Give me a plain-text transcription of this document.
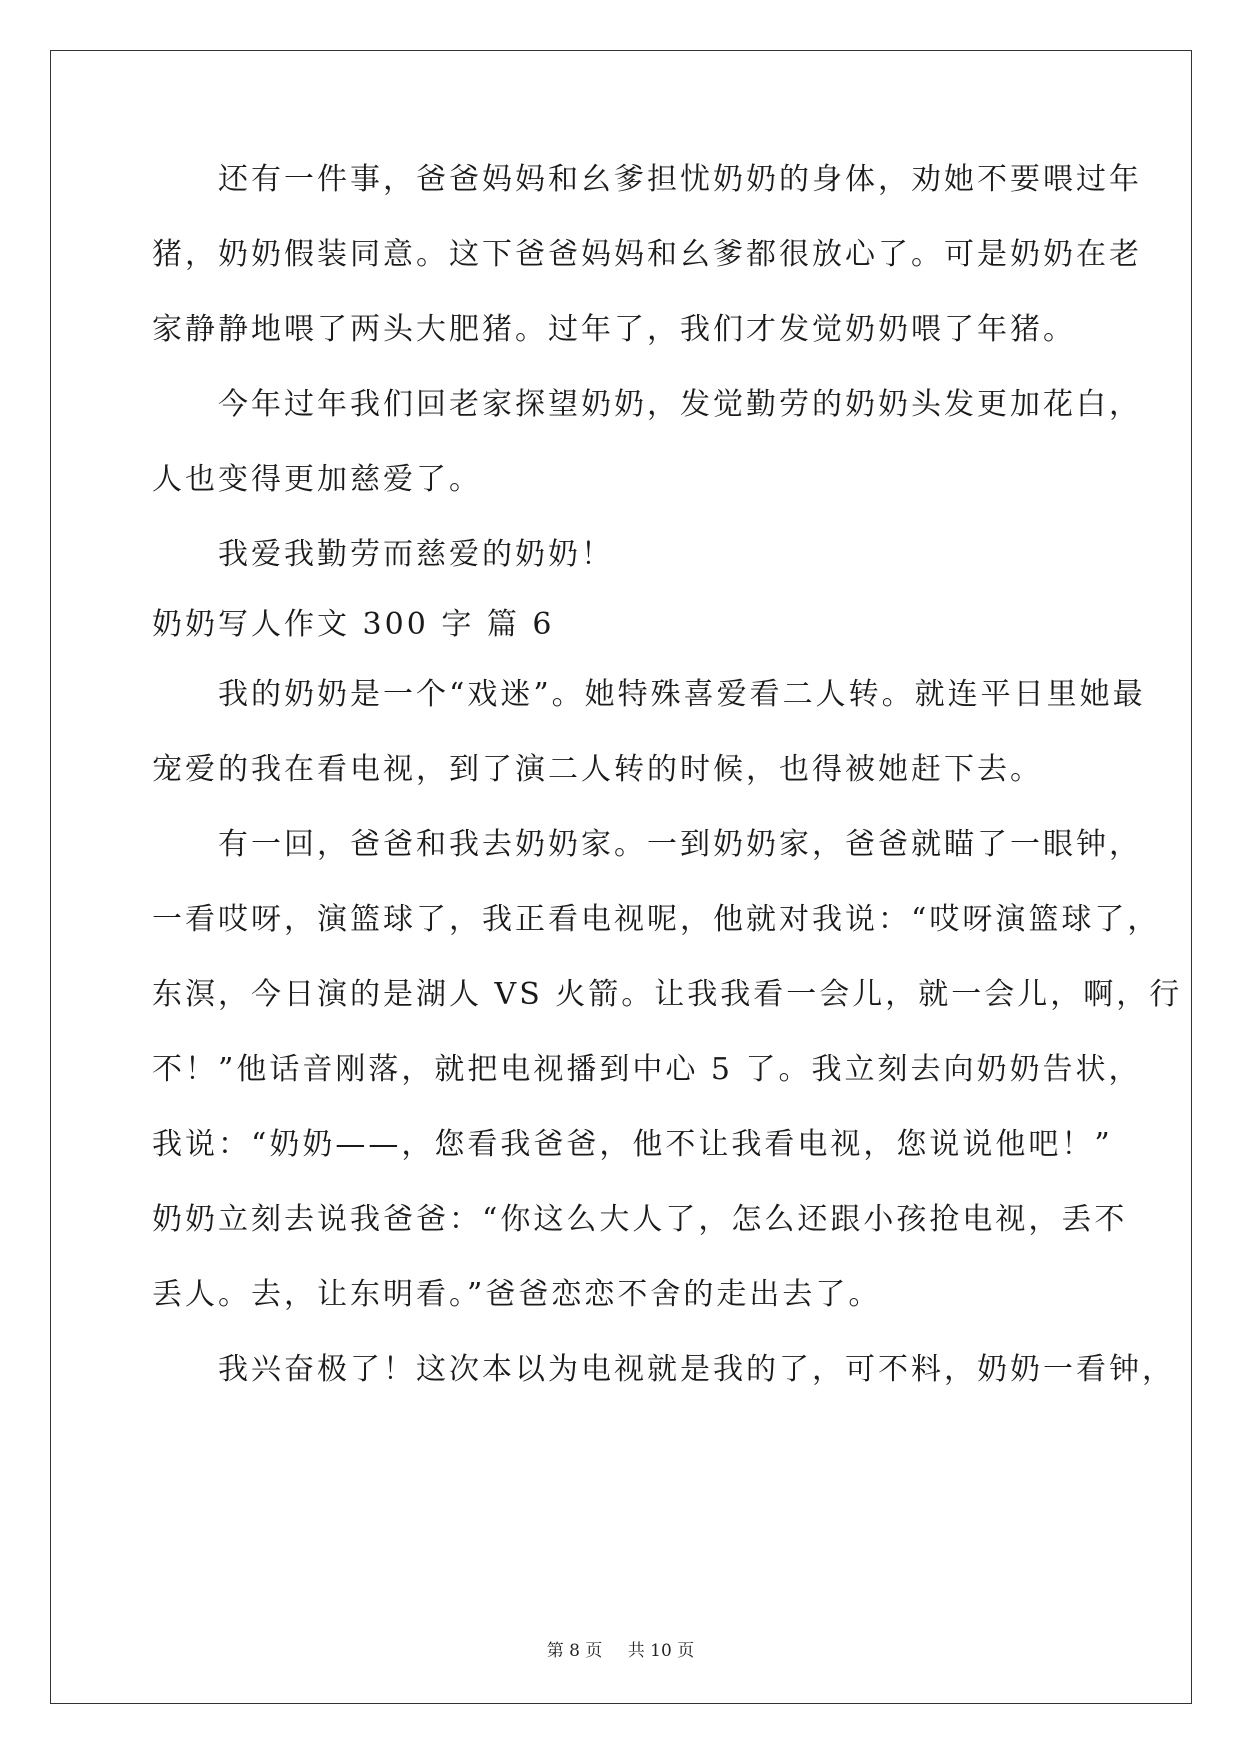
　　还有一件事，爸爸妈妈和幺爹担忧奶奶的身体，劝她不要喂过年
猪，奶奶假装同意。这下爸爸妈妈和幺爹都很放心了。可是奶奶在老
家静静地喂了两头大肥猪。过年了，我们才发觉奶奶喂了年猪。
　　今年过年我们回老家探望奶奶，发觉勤劳的奶奶头发更加花白，
人也变得更加慈爱了。
　　我爱我勤劳而慈爱的奶奶！
奶奶写人作文 300 字 篇 6
　　我的奶奶是一个“戏迷”。她特殊喜爱看二人转。就连平日里她最
宠爱的我在看电视，到了演二人转的时候，也得被她赶下去。
　　有一回，爸爸和我去奶奶家。一到奶奶家，爸爸就瞄了一眼钟，
一看哎呀，演篮球了，我正看电视呢，他就对我说：“哎呀演篮球了，
东溟，今日演的是湖人 VS 火箭。让我我看一会儿，就一会儿，啊，行
不！”他话音刚落，就把电视播到中心 5 了。我立刻去向奶奶告状，
我说：“奶奶——，您看我爸爸，他不让我看电视，您说说他吧！”
奶奶立刻去说我爸爸：“你这么大人了，怎么还跟小孩抢电视，丢不
丢人。去，让东明看。”爸爸恋恋不舍的走出去了。
　　我兴奋极了！这次本以为电视就是我的了，可不料，奶奶一看钟，
第 8 页 共 10 页
